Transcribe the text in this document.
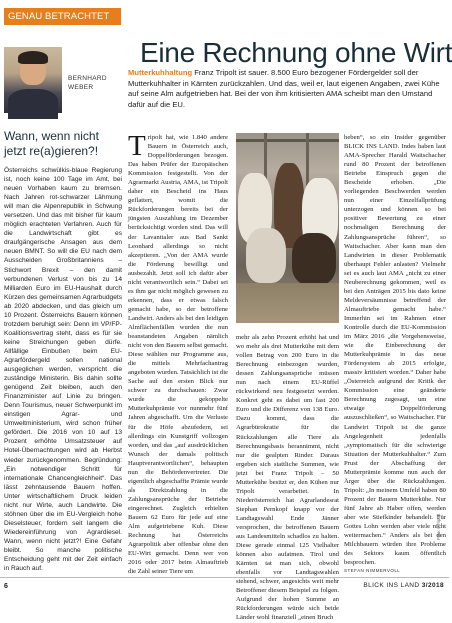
GENAU BETRACHTET
BERNHARD
WEBER
Wann, wenn nicht jetzt re(a)gieren?!
Österreichs schwülkis-blaue Regierung ist, noch keine 100 Tage im Amt, bei neuen Vorhaben kaum zu bremsen. Nach Jahren rot-schwarzer Lähmung will man die Alpenrepublik in Schwung versetzen. Und das mit bisher für kaum möglich erachteten Verfahren. Auch für die Landwirtschaft gibt es draufgängerische Ansagen aus dem neuen BMNT. So will die EU nach dem Ausscheiden Großbritanniens – Stichwort Brexit – den damit verbundenen Verlust von bis zu 14 Milliarden Euro im EU-Haushalt durch Kürzen des gemeinsamen Agrarbudgets ab 2020 abdecken, und das gleich um 10 Prozent. Österreichs Bauern können trotzdem beruhigt sein: Denn im VP/FP-Koalitionsvertrag steht, dass es für sie keine Streichungen geben dürfe. Allfällige Einbußen beim EU-Agrarfördergeld sollen national ausgeglichen werden, verspricht die zuständige Ministerin. Bis dahin sollte genügend Zeit bleiben, auch den Finanzminister auf Linie zu bringen. Denn Tourismus, neuer Schwerpunkt im einstigen Agrar- und Umweltministerium, wird schon früher gefördert. Die 2016 von 10 auf 13 Prozent erhöhte Umsatzsteuer auf Hotel-Übernachtungen wird ab Herbst wieder zurückgenommen. Begründung: „Ein notwendiger Schritt für internationale Chancengleichheit“. Das lässt zehntausende Bauern hoffen. Unter wirtschaftlichem Druck leiden nicht nur Wirte, auch Landwirte. Die stöhnen über die im EU-Vergleich hohe Dieselsteuer, fordern seit langem die Wiedereinführung von Agrardiesel. Wann, wenn nicht jetzt?! Eine Gefahr bleibt. So manche politische Entscheidung geht mit der Zeit einfach in Rauch auf.
6
Eine Rechnung ohne Wirt

Mutterkuhhaltung Franz Tripolt ist sauer. 8.500 Euro bezogener Fördergelder soll der Mutterkuhhalter in Kärnten zurückzahlen. Und das, weil er, laut eigenen Angaben, zwei Kühe auf seine Alm aufgetrieben hat. Bei der von ihm kritisierten AMA scheibt man den Umstand dafür auf die EU.

Tripolt hat, wie 1.840 andere Bauern in Österreich auch, Doppelförderungen bezogen. Das haben Prüfer der Europäischen Kommission festgestellt. Von der Agrarmarkt Austria, AMA, ist Tripolt daher ein Bescheid ins Haus geflattert, womit die Rückforderungen bereits bei der jüngsten Auszahlung im Dezember berücksichtigt worden sind. Das will der Lavanttaler aus Bad Sankt Leonhard allerdings so nicht akzeptieren. „Von der AMA wurde die Förderung bewilligt und ausbezahlt. Jetzt soll ich dafür aber nicht verantwortlich sein.“ Dabei sei es ihm gar nicht möglich gewesen zu erkennen, dass er etwas falsch gemacht habe, so der betroffene Landwirt. Anders als bei den leidigen Almflächenfällen wurden die nun beanstandeten Angaben nämlich nicht von den Bauern selbst gemacht. Diese wählten nur Programme aus, die mittels Mehrfachantrag angeboten wurden. Tatsächlich ist die Sache auf den ersten Blick nur schwer zu durchschauen: Zwar wurde die gekoppelte Mutterkuhprämie vor nunmehr fünf Jahren abgeschafft. Um die Verluste für die Höfe abzufedern, sei allerdings ein Kunstgriff vollzogen worden, und das „auf ausdrücklichen Wunsch der damals politisch Hauptverantwortlichen“, behaupten nun die Behördenvertreter. Die eigentlich abgeschaffte Prämie wurde als Direktzahlung in die Zahlungsansprüche der Betriebe eingerechnet. Zugleich erhielten Bauern 62 Euro für jede auf eine Alm aufgetriebene Kuh. Diese Rechnung hat Österreichs Agrarpolitik aber offenbar ohne den EU-Wirt gemacht. Denn wer von 2016 oder 2017 beim Almauftrieb die Zahl seiner Tiere um
mehr als zehn Prozent erhöht hat und wo mehr als drei Mutterkühe mit dem vollen Betrag von 200 Euro in die Berechnung einbezogen wurden, dessen Zahlungsansprüche müssen nun nach einem EU-Rüffel rückwirkend neu festgesetzt werden. Konkret geht es dabei um fast 200 Euro und die Differenz von 138 Euro. Dazu kommt, dass die Agrarbürokratie für die Rückzahlungen alle Tiere als Berechnungsbasis herannimmt, nicht nur die gealpten Rinder. Daraus ergeben sich stattliche Summen, wie jetzt bei Franz Tripolt – 50 Mutterkühe besitzt er, den Kühen nur Tripolt verarbeitet. In Niederösterreich hat Agrarlandesrat Stephan Pernkopf knapp vor der Landtagswahl Ende Jänner versprochen, die betroffenen Bauern aus Landesmitteln schadlos zu halten. Diese gerade einmal 125 Vielhalter können also aufatmen. Tirol und Kärnten tat man sich, obwohl ebenfalls vor Landtagswahlen stehend, schwer, angesichts weit mehr Betroffener diesem Beispiel zu folgen. Aufgrund der hohen Summe an Rückforderungen würde sich beide Länder wohl finanziell „einen Bruch
heben“, so ein Insider gegenüber BLICK INS LAND. Indes haben laut AMA-Sprecher Harald Waitschacher rund 80 Prozent der betroffenen Betriebe Einspruch gegen die Bescheide erhoben. „Die vorliegenden Beschwerden werden nun einer Einzelfallprüfung unterzogen und können so bei positiver Bewertung zu einer nochmaligen Berechnung der Zahlungsansprüche führen“, so Waitschacher. Aber kann man den Landwirten in dieser Problematik überhaupt Fehler anlasten? Vielmehr sei es auch laut AMA „nicht zu einer Neuberechnung gekommen, weil es bei den Anträgen 2015 bis dato keine Meldeversäumnisse betreffend der Almauftriebe gemacht habe.“ Immerhin sei im Rahmen einer Kontrolle durch die EU-Kommission im März 2016 „die Vorgehensweise, wie die Einberechnung der Mutterkuhprämie in das neue Fördersystem ab 2015 erfolgte, massiv kritisiert worden.“ Daher habe „Österreich aufgrund der Kritik der Kommission eine geänderte Berechnung zugesagt, um eine etwaige Doppelförderung auszuschließen“, so Waitschacher. Für Landwirt Tripolt ist die ganze Angelegenheit jedenfalls „symptomatisch für die schwierige Situation der Mutterkuhhalter.“ Zum Prust der Abschaffung der Mutterprämie komme nun auch der Ärger über die Rückzahlungen. Tripolt: „In meinem Umfeld haben 80 Prozent der Bauern Mutterkühe. Nur fünf Jahre ab Haber offen, werden aber wie Stiefkinder behandelt. Für Gottes Lohn werden aber viele nicht weitermachen.“ Anders als bei den Milchbauern würden ihre Probleme des Sektors kaum öffentlich besprochen.
STEFAN NIMMERVOLL
Foto: ©Tripolt
BLICK INS LAND 3/2018
